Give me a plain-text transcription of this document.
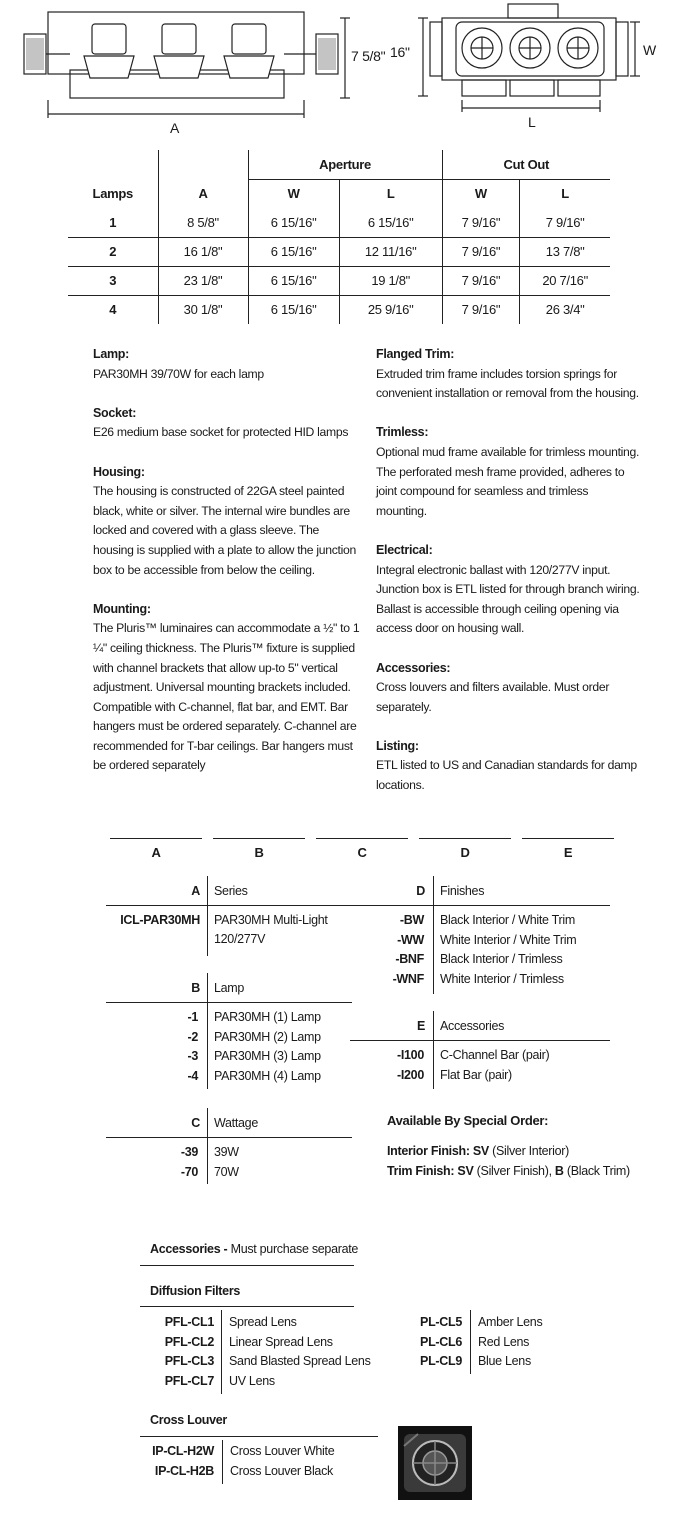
A
7 5/8" 16"	W
L
		Aperture		Cut Out	
Lamps	A	W	L	W	L
1	8 5/8"	6 15/16"	6 15/16"	7 9/16"	7 9/16"
2	16 1/8"	6 15/16"	12 11/16"	7 9/16"	13 7/8"
3	23 1/8"	6 15/16"	19 1/8"	7 9/16"	20 7/16"
4	30 1/8"	6 15/16"	25 9/16"	7 9/16"	26 3/4"
Lamp:

PAR30MH 39/70W for each lamp

Socket:

E26 medium base socket for protected HID lamps

Housing:

The housing is constructed of 22GA steel painted black, white or silver. The internal wire bundles are locked and covered with a glass sleeve. The housing is supplied with a plate to allow the junction box to be accessible from below the ceiling.

Mounting:

The Pluris™ luminaires can accommodate a ½" to 1 ¼" ceiling thickness. The Pluris™ fixture is supplied with channel brackets that allow up-to 5" vertical adjustment. Universal mounting brackets included. Compatible with C-channel, flat bar, and EMT. Bar hangers must be ordered separately. C-channel are recommended for T-bar ceilings. Bar hangers must be ordered separately

Flanged Trim:

Extruded trim frame includes torsion springs for convenient installation or removal from the housing.

Trimless:

Optional mud frame available for trimless mounting. The perforated mesh frame provided, adheres to joint compound for seamless and trimless mounting.

Electrical:

Integral electronic ballast with 120/277V input. Junction box is ETL listed for through branch wiring. Ballast is accessible through ceiling opening via access door on housing wall.

Accessories:

Cross louvers and filters available. Must order separately.

Listing:

ETL listed to US and Canadian standards for damp locations.

A	B	C	D	E
A Series
ICL-PAR30MH PAR30MH Multi-Light
120/277V
B Lamp
-1 PAR30MH (1) Lamp
-2 PAR30MH (2) Lamp
-3 PAR30MH (3) Lamp
-4 PAR30MH (4) Lamp
C Wattage
-39 39W
-70 70W
D Finishes
-BW Black Interior / White Trim
-WW White Interior / White Trim
-BNF Black Interior / Trimless
-WNF White Interior / Trimless
E Accessories
-I100 C-Channel Bar (pair)
-I200 Flat Bar (pair)
Available By Special Order:
Interior Finish: SV (Silver Interior)
Trim Finish: SV (Silver Finish), B (Black Trim)
Accessories - Must purchase separate
Diffusion Filters
PFL-CL1 Spread Lens
PFL-CL2 Linear Spread Lens
PFL-CL3 Sand Blasted Spread Lens
PFL-CL7 UV Lens
PL-CL5 Amber Lens
PL-CL6 Red Lens
PL-CL9 Blue Lens
Cross Louver
IP-CL-H2W Cross Louver White
IP-CL-H2B Cross Louver Black
